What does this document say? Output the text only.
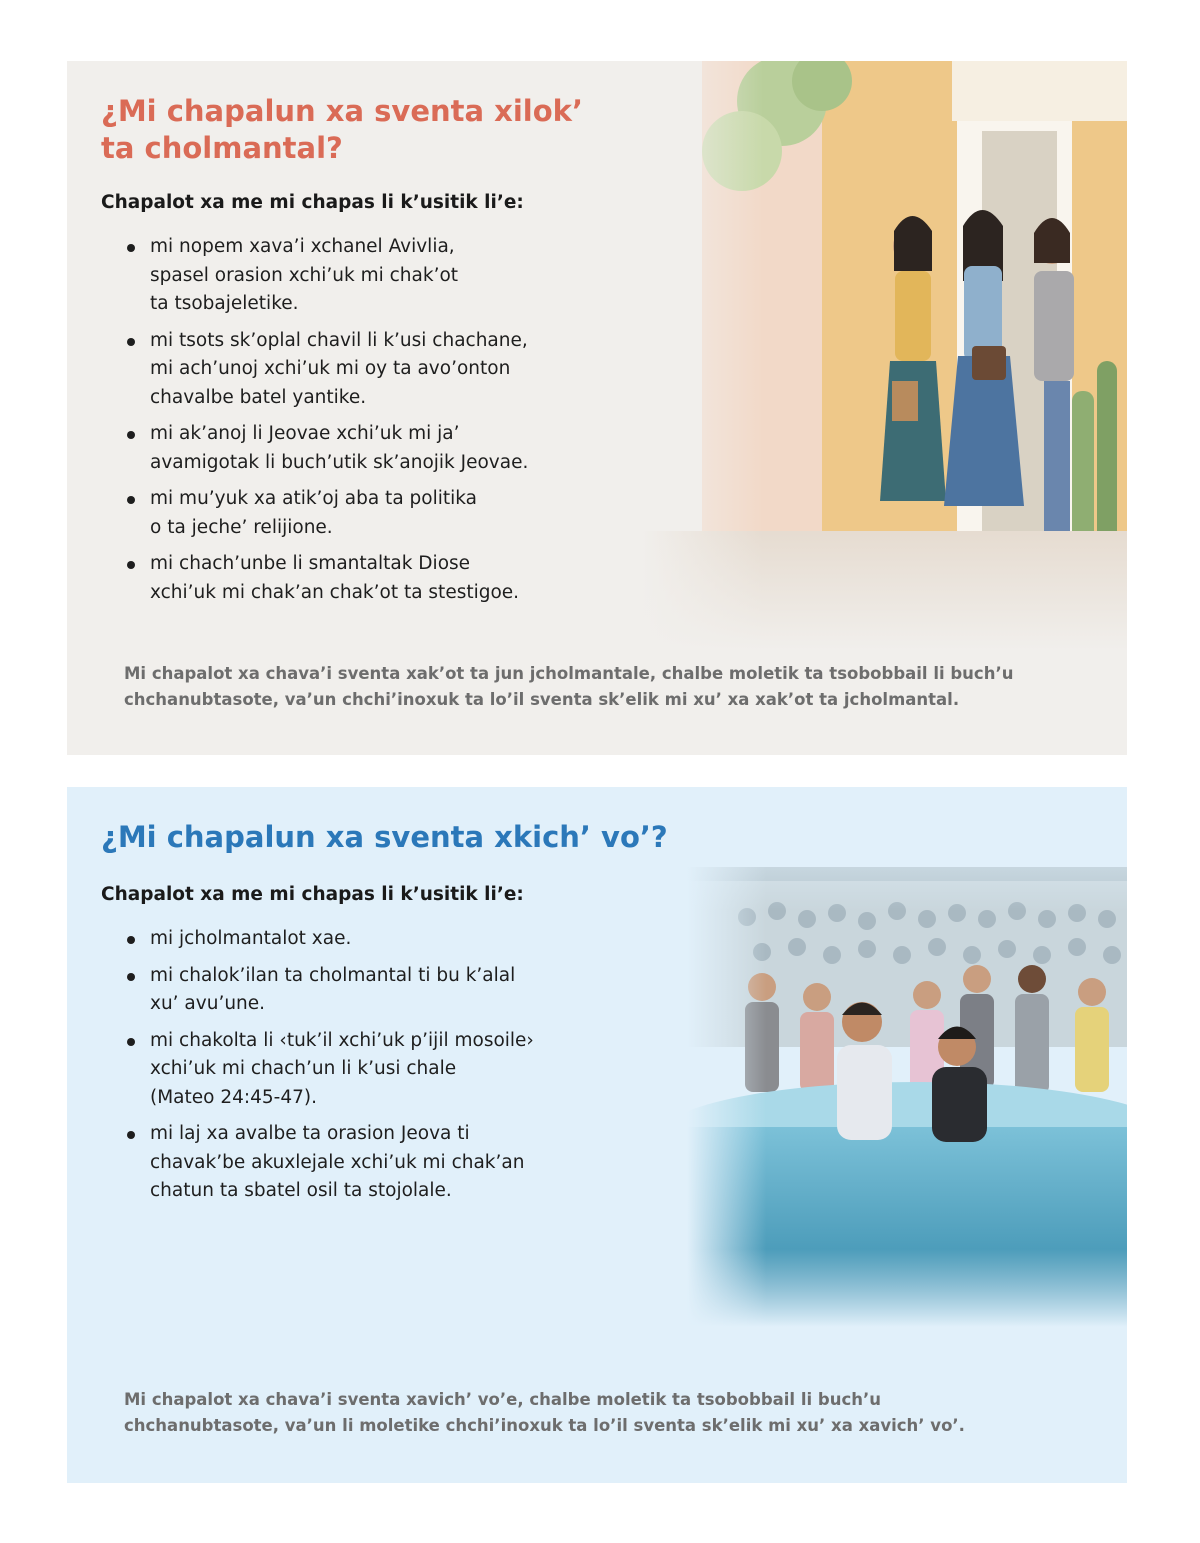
¿Mi chapalun xa sventa xilok’
ta cholmantal?

Chapalot xa me mi chapas li k’usitik li’e:

mi nopem xava’i xchanel Avivlia,
spasel orasion xchi’uk mi chak’ot
ta tsobajeletike.
mi tsots sk’oplal chavil li k’usi chachane,
mi ach’unoj xchi’uk mi oy ta avo’onton
chavalbe batel yantike.
mi ak’anoj li Jeovae xchi’uk mi ja’
avamigotak li buch’utik sk’anojik Jeovae.
mi mu’yuk xa atik’oj aba ta politika
o ta jeche’ relijione.
mi chach’unbe li smantaltak Diose
xchi’uk mi chak’an chak’ot ta stestigoe.

Mi chapalot xa chava’i sventa xak’ot ta jun jcholmantale, chalbe moletik ta tsobobbail li buch’u
chchanubtasote, va’un chchi’inoxuk ta lo’il sventa sk’elik mi xu’ xa xak’ot ta jcholmantal.

¿Mi chapalun xa sventa xkich’ vo’?

Chapalot xa me mi chapas li k’usitik li’e:

mi jcholmantalot xae.
mi chalok’ilan ta cholmantal ti bu k’alal
xu’ avu’une.
mi chakolta li ‹tuk’il xchi’uk p’ijil mosoile›
xchi’uk mi chach’un li k’usi chale
(Mateo 24:45-47).
mi laj xa avalbe ta orasion Jeova ti
chavak’be akuxlejale xchi’uk mi chak’an
chatun ta sbatel osil ta stojolale.

Mi chapalot xa chava’i sventa xavich’ vo’e, chalbe moletik ta tsobobbail li buch’u
chchanubtasote, va’un li moletike chchi’inoxuk ta lo’il sventa sk’elik mi xu’ xa xavich’ vo’.
